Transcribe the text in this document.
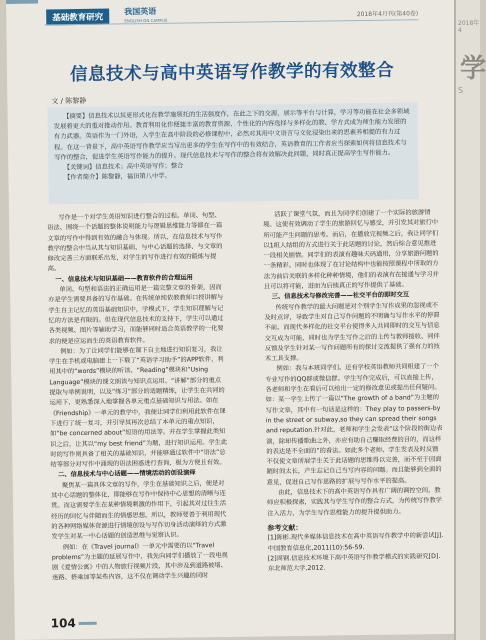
基础教育研究
我国英语
ENGLISH ON CAMPUS
2018年4月刊(第40卷)
信息技术与高中英语写作教学的有效整合
文 / 陈黎静

【摘要】信息技术以其更形式化在教学施领托的生活强度作，在此之下的交源，展示等平台与计算，学习等功能在社会多领域发展着更大的重对推动作用。教育利用化作便捷丰富的教育资源、个性化的内容选择与多样化的教、学方式成为师生能力发展的有力武器。英语作为一门外语，入学生在高中阶段的必修课程中，必然对其用中文语言与文化浸染出来的思素养相提的有力过程。在这一背景下，高中英语写作教学应当写出更多的学生在写作中的有效结合，英语教育的工作者应当探索如何将信息技术与写作的整合，促进学生英语写作能力的提升。现代信息技术与写作的整合将有效解决此问题，同时真正提高学生写作能力。

【关键词】信息技术；高中英语写作；整合

【作者简介】陈黎静，福田第八中学。

写作是一个对学生英语知识进行整合的过程。单词、句型、语法、围绕一个话题的整体说明能力与逻辑思维能力等都在一篇文章的写作中得到有效的融合与体现。所以，在信息技术与写作教学的整合中当从其与知识基础、与中心话题的选择、与文章的修改完善三方面联系出发，对学生的写作进行有效的锻炼与提高。

一、信息技术与知识基础——教育软件的合理运用

单词、句型和语法的正确运用是一篇完整文章的骨架，因而亦是学生需要具备的写作基础。在传统单纯依教教师口授讲解与学生自主记忆的英语基础知识中，学模式下，学生知识理解与记忆的方法是有限的。但在现代信息技术的支持下，学生可以通过各类视频、图片等辅助学习，而能够同时适合英语教学的一化要求的便是应运而生的英语教育软件。

例如：为了让同学们能够在课下自主地进行知识复习，我让学生在手机或电脑建上一下载了“英语学习助手”的APP软件，利用其中的“words”模块的听读、“Reading”模块和“Using Language”模块的课文朗读与知识点运用、“讲解”部分的重点提取与举例说明，以及“练习”部分的适题精练，让学生在共同的运用下，更熟悉深入地掌握各单元重点基础知识与用法。如在《Friendship》一单元的教学中，我便让同学们利用此软件在课下进行了统一复习，并引导其再次总结了本单元的重点知识，如“be concerned about”短语的用法等。并在学生掌握此类知识之后，让其以“my best friend”为题，进行知识运用。学生此时的写作则具备了相关的基础知识，并能够通过软件中“语法”总结等部分对写作中涌现的语法困惑进行查询，极为方便且有效。

二、信息技术与中心话题——情境活动的创设演绎

聚焦某一篇具体文章的写作，学生在基础知识之后，便是对其中心话题的整体化，即能够在写作中保持中心思想的清晰与连贯。而这需要学生在某种情境刺激的作用下，引起其对过往生活经历的回忆与伴随而生的情感思想。所以，教师要善于利用现代的各种网络媒体资源进行情境创设与写作切身活动演绎的方式激发学生对某一中心话题的创造思维与觉察认识。

例如：在《Travel journal》一单元中需要的以“Travel problems”为主题的延展写作中，我先向同学们播放了一段电视剧《爱情公寓》中的人物旅行视频片段，其中涉及到道路被堵、迷路、搭乘加等某些内容，这不仅在调动学生兴趣的同时

活跃了课堂气氛，而且为同学们创建了一个实际的旅游情境。这使有效调动了学生的旅游回忆与感受，并引发其对旅行中所可能产生问题的思考。而后，在播放完视频之后，我让同学们以1组人结组的方式进行关于此话题的讨论，然后综合意见推进一段相关剧情。同学们的表演有趣味天码通用，分享旅游问题的一条精彩。同时也体现了在讨论结构中也能按照课程中所取的方法为前后关联的多样化种种情境，他们的表演有在接通与学习并且可以将可能，进而为后续真正的写作提供了基础。

三、信息技术与修改完善——社交平台的即时交互

传统写作教学的最大问题是对个别学生写作成果的忽视或不及时点评，导致学生对自己写作问题的不明确与写作水平的停滞不前。而现代多样化的社交平台使得多人共同即时的交互与信息交互成为可能，同时也为学生写作之后的上传与教师接收、同伴反馈及学生针对某一写作问题所有的探讨交流提供了强有力的技术工具支撑。

例如：我与本班同学们。还有学校英语教师共同组建了一个专业写作的QQ群或微信群。学生写作完成后，可以直接上传，各老师和学生在看后可以给出一定的修改意见或提出任何疑问。如：某一学生上传了一篇以“The growth of a band”为主题的写作文章，其中有一句话是这样的：They play to passers-by in the street or subway,so they can spread their songs and reputation.针对此，老师和学生会发表“这个阶段的街边表演，除却传播歌曲之外，亦应有助自己赚取经费的目的，而这样的表达是不全面的”的看法。如此多个老师、学生发表及时反馈不仅使文章所展学生关于此话题的思维得以完善，而不至于因面陋时间太长，产生忘记自己当写内容的问题。而且能够到全面的意见，促进自己写作思路的扩展与写作水平的提高。

由此，信息技术下的高中英语写作具有广阔的调控空间，教师应积极探索，实践其与学生写作的整合方式，为传统写作教学注入活力，为学生写作思维能力的提升提供助力。

参考文献：

[1]陈彬.现代多媒体信息技术在高中英语写作教学中的新尝试[J].中国教育信息化,2011(10):56-59.

[2]周钢.信息技术环境下高中英语写作教学模式的实践研究[D].东北师范大学,2012.

104
2018年4
学
S
